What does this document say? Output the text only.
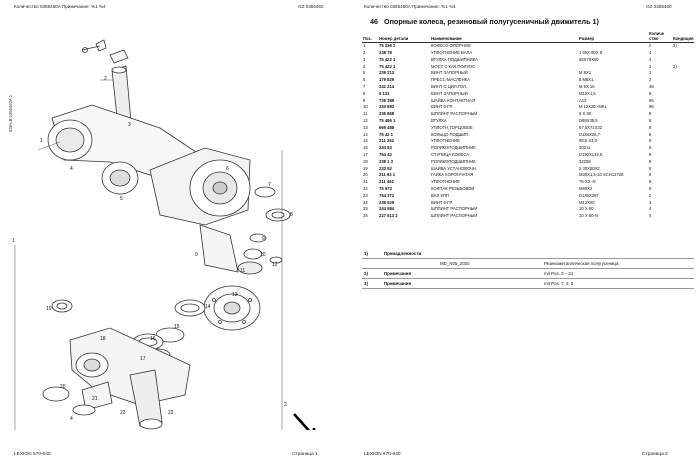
Количество 0355460A Примечание: %1 %4	GZ 0355460
539-LB 0355460A 1
1
1
2
3
4
5
6
7
8
9
10
11
12
13
14
15
16
17
18
19
20
21
22
23
2
4
9
LEXION 670-640	Страница 1
Количество 0355460A Примечание: %1 %4	GZ 0355460
46 Опорные колеса, резиновый полугусеничный движитель 1)
Поз.	Номер детали	Наименование	Размер	Количе ство	Кондиция
1	75 336 2	КОЛЕСО ОПОРНОЕ		2	2)
2	238 78	УПЛОТНЕНИЕ ВАЛА	1 65X 80X 8	4	
3	75 422 3	ВТУЛКА ПОДШИПНИКА	65X70X60	4	
4	75 422 1	МОСТ С КАЧ.ПОЛУОС		2	3)
5	239 213	ВИНТ ЗАПОРНЫЙ	M 8X1	2	
6	179 829	ПРЕСС-МАСЛЕНКА	8 M8X1	2	
7	242 214	ВИНТ С ЦИЛ.ГОЛ.	M 6X 16	48	
8	9 131	ВИНТ ЗАПОРНЫЙ	M10X1,5	8	
9	729 389	ШАЙБА КОНТАКТНАЯ	A12	96	
10	233 883	ВИНТ 6-ГР.	M 12X20 -MKL	96	
11	235 868	ШПЛИНТ РАСПОРНЫЙ	6 X 50	8	
12	75 486 1	ВТУЛКА	D68X38,5	8	
13	669 488	УПЛОТН.ТОРЦОВОЕ	87,5X71X32	8	
14	75 42 1	КОЛЬЦО ПОДШИП.	D134X26,7-	8	
15	211 252	УПЛОТНЕНИЕ	98,5 X3,0	8	
16	234 83	РОЛИКОПОДШИПНИК	30211	8	
17	764 42	СТУПИЦА КОЛЕСА	D190X132,8	8	
18	238 1 3	РОЛИКОПОДШИПНИК	32208	8	
19	233 92	ШАЙБА УСТАНОВОЧН.	5 30X50X2	8	
20	211 93 1	ГАЙКА КОРОНЧАТАЯ	M30X1,5-10 SCH12728	8	
21	211 462	УПЛОТНЕНИЕ	76 X3 -N	8	
22	75 673	КОЛПАК РЕЗЬБОВОЙ	M80X2	8	
23	764 372	ВАЛ КПП	D135X287	2	
24	238 929	ВИНТ 6-ГР.	M12X60	4	
25	244 584	ШПЛИНТ РАСПОРНЫЙ	16 X 60	4	
26	227 613 2	ШПЛИНТ РАСПОРНЫЙ	10 X 60-N	4	
1)	Принадлежности
MD_N05_2020	Резинометаллическая полугусеница
2)	Примечания	mit Pos. 3 – 21
3)	Примечания	mit Pos. 7, 2, 5
LEXION 670-640	Страница 2
